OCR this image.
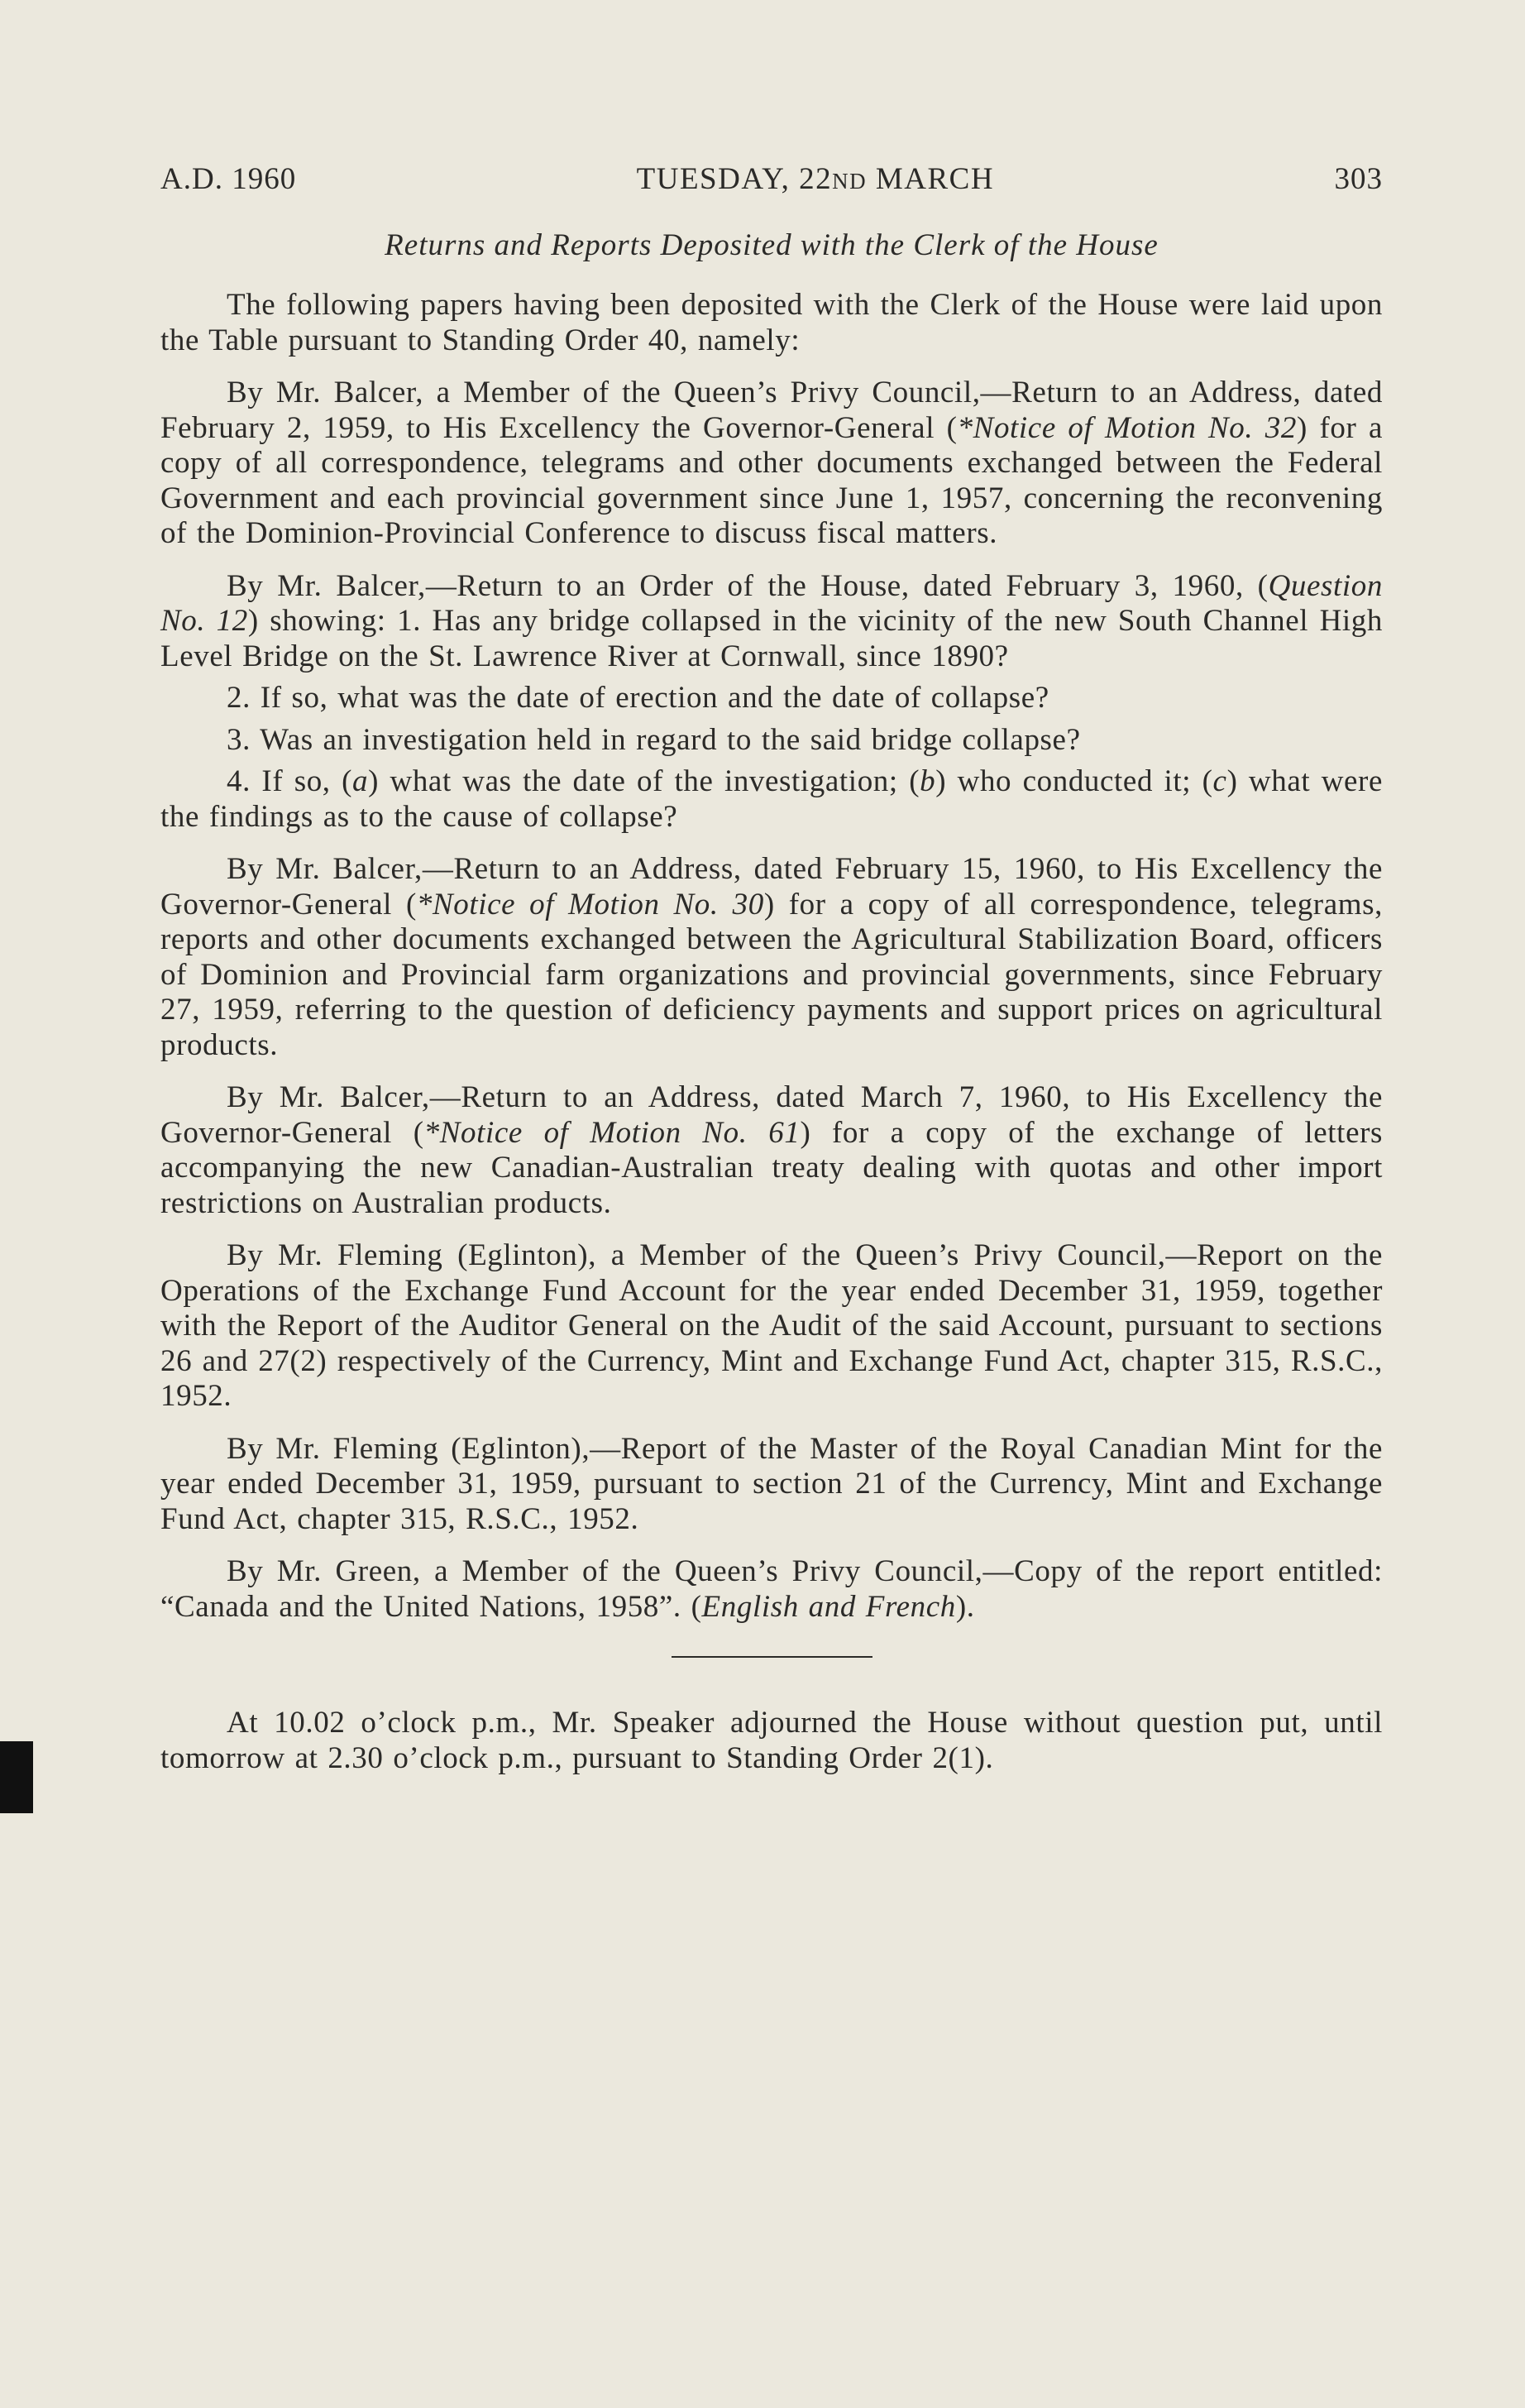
A.D. 1960	TUESDAY, 22ND MARCH	303
Returns and Reports Deposited with the Clerk of the House

The following papers having been deposited with the Clerk of the House were laid upon the Table pursuant to Standing Order 40, namely:

By Mr. Balcer, a Member of the Queen’s Privy Council,—Return to an Address, dated February 2, 1959, to His Excellency the Governor-General (*Notice of Motion No. 32) for a copy of all correspondence, telegrams and other documents exchanged between the Federal Government and each provincial government since June 1, 1957, concerning the reconvening of the Dominion-Provincial Conference to discuss fiscal matters.

By Mr. Balcer,—Return to an Order of the House, dated February 3, 1960, (Question No. 12) showing: 1. Has any bridge collapsed in the vicinity of the new South Channel High Level Bridge on the St. Lawrence River at Cornwall, since 1890?

2. If so, what was the date of erection and the date of collapse?

3. Was an investigation held in regard to the said bridge collapse?

4. If so, (a) what was the date of the investigation; (b) who conducted it; (c) what were the findings as to the cause of collapse?

By Mr. Balcer,—Return to an Address, dated February 15, 1960, to His Excellency the Governor-General (*Notice of Motion No. 30) for a copy of all correspondence, telegrams, reports and other documents exchanged between the Agricultural Stabilization Board, officers of Dominion and Provincial farm organizations and provincial governments, since February 27, 1959, referring to the question of deficiency payments and support prices on agricultural products.

By Mr. Balcer,—Return to an Address, dated March 7, 1960, to His Excellency the Governor-General (*Notice of Motion No. 61) for a copy of the exchange of letters accompanying the new Canadian-Australian treaty dealing with quotas and other import restrictions on Australian products.

By Mr. Fleming (Eglinton), a Member of the Queen’s Privy Council,—Report on the Operations of the Exchange Fund Account for the year ended December 31, 1959, together with the Report of the Auditor General on the Audit of the said Account, pursuant to sections 26 and 27(2) respectively of the Currency, Mint and Exchange Fund Act, chapter 315, R.S.C., 1952.

By Mr. Fleming (Eglinton),—Report of the Master of the Royal Canadian Mint for the year ended December 31, 1959, pursuant to section 21 of the Currency, Mint and Exchange Fund Act, chapter 315, R.S.C., 1952.

By Mr. Green, a Member of the Queen’s Privy Council,—Copy of the report entitled: “Canada and the United Nations, 1958”. (English and French).

At 10.02 o’clock p.m., Mr. Speaker adjourned the House without question put, until tomorrow at 2.30 o’clock p.m., pursuant to Standing Order 2(1).
